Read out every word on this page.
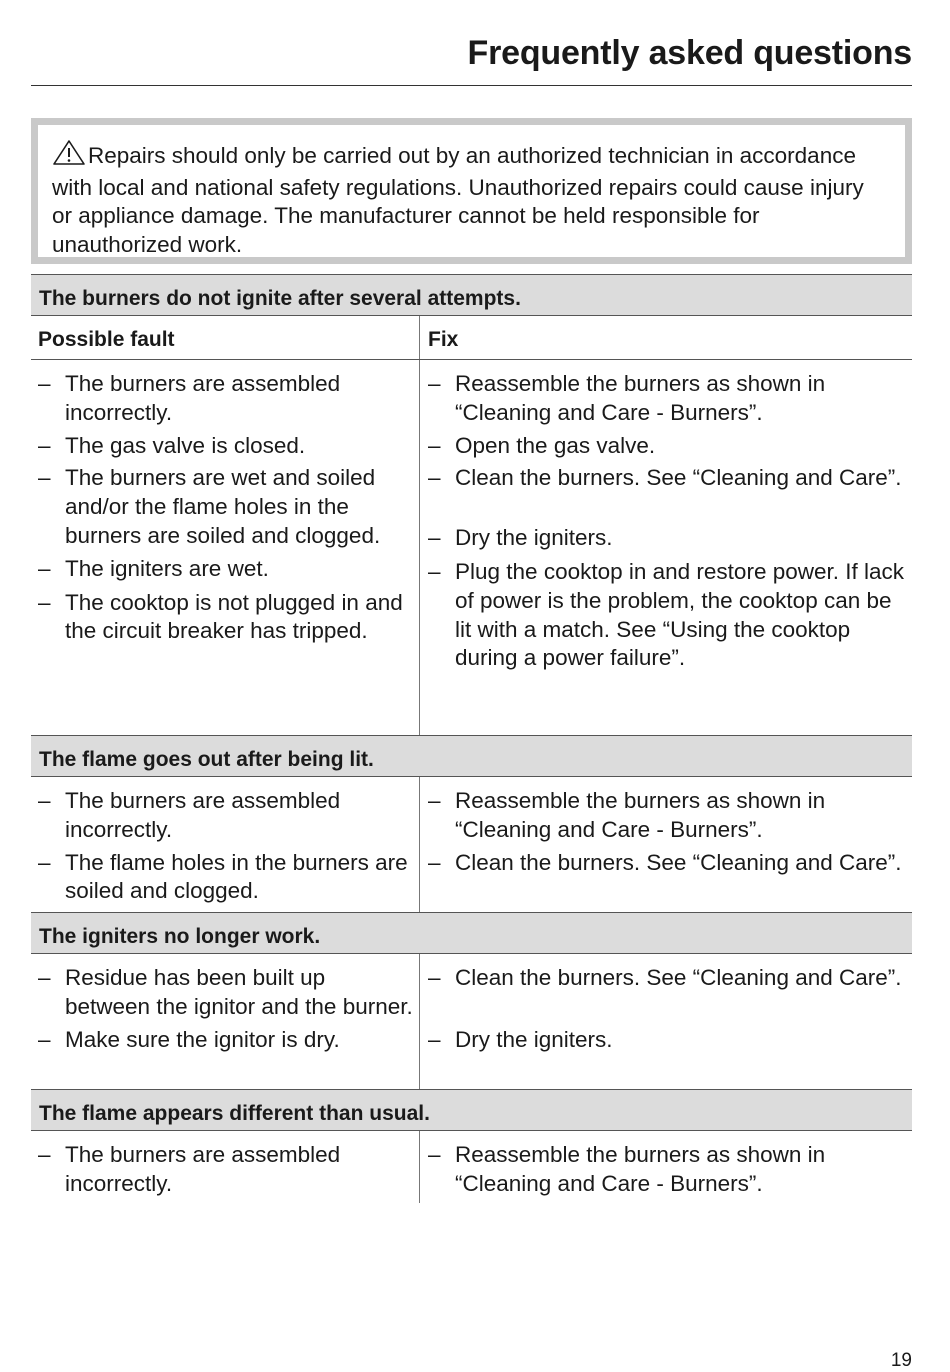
Frequently asked questions
Repairs should only be carried out by an authorized technician in accordance with local and national safety regulations. Unauthorized repairs could cause injury or appliance damage. The manufacturer cannot be held responsible for unauthorized work.
The burners do not ignite after several attempts.
Possible fault	Fix
– The burners are assembled incorrectly.
– The gas valve is closed.
– The burners are wet and soiled and/or the flame holes in the burners are soiled and clogged.
– The igniters are wet.
– The cooktop is not plugged in and the circuit breaker has tripped.
– Reassemble the burners as shown in “Cleaning and Care - Burners”.
– Open the gas valve.
– Clean the burners. See “Cleaning and Care”.
– Dry the igniters.
– Plug the cooktop in and restore power. If lack of power is the problem, the cooktop can be lit with a match. See “Using the cooktop during a power failure”.
The flame goes out after being lit.
– The burners are assembled incorrectly.
– The flame holes in the burners are soiled and clogged.
– Reassemble the burners as shown in “Cleaning and Care - Burners”.
– Clean the burners. See “Cleaning and Care”.
The igniters no longer work.
– Residue has been built up between the ignitor and the burner.
– Make sure the ignitor is dry.
– Clean the burners. See “Cleaning and Care”.
– Dry the igniters.
The flame appears different than usual.
– The burners are assembled incorrectly.
– Reassemble the burners as shown in “Cleaning and Care - Burners”.
19
